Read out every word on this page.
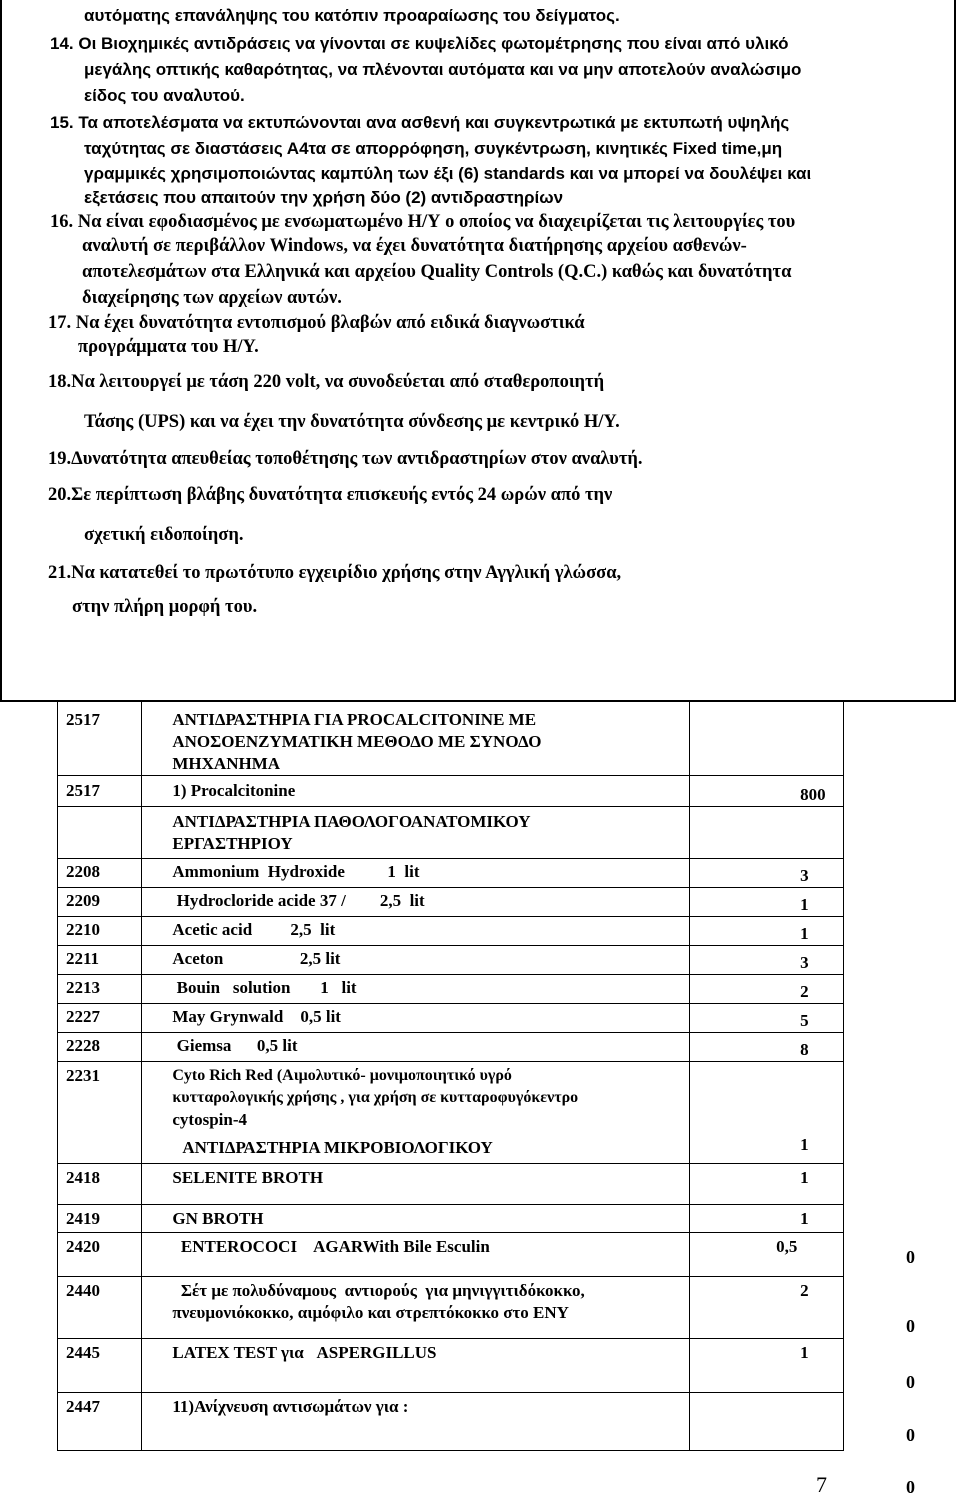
αυτόματης επανάληψης του κατόπιν προαραίωσης του δείγματος.
14. Οι Βιοχημικές αντιδράσεις να γίνονται σε κυψελίδες φωτομέτρησης που είναι από υλικό
μεγάλης οπτικής καθαρότητας, να πλένονται αυτόματα και να μην αποτελούν αναλώσιμο
είδος του αναλυτού.
15. Τα αποτελέσματα να εκτυπώνονται ανα ασθενή και συγκεντρωτικά με εκτυπωτή υψηλής
ταχύτητας σε διαστάσεις Α4τα σε απορρόφηση, συγκέντρωση, κινητικές Fixed time,μη
γραμμικές χρησιμοποιώντας καμπύλη των έξι (6) standards και να μπορεί να δουλέψει και
εξετάσεις που απαιτούν την χρήση δύο (2) αντιδραστηρίων
16. Να είναι εφοδιασμένος με ενσωματωμένο Η/Υ ο οποίος να διαχειρίζεται τις λειτουργίες του
αναλυτή σε περιβάλλον Windows, να έχει δυνατότητα διατήρησης αρχείου ασθενών-
αποτελεσμάτων στα Ελληνικά και αρχείου Quality Controls (Q.C.) καθώς και δυνατότητα
διαχείρησης των αρχείων αυτών.
17. Να έχει δυνατότητα εντοπισμού βλαβών από ειδικά διαγνωστικά
προγράμματα του Η/Υ.
18.Να λειτουργεί με τάση 220 volt, να συνοδεύεται από σταθεροποιητή
Τάσης (UPS) και να έχει την δυνατότητα σύνδεσης με κεντρικό Η/Υ.
19.Δυνατότητα απευθείας τοποθέτησης των αντιδραστηρίων στον αναλυτή.
20.Σε περίπτωση βλάβης δυνατότητα επισκευής εντός 24 ωρών από την
σχετική ειδοποίηση.
21.Να κατατεθεί το πρωτότυπο εγχειρίδιο χρήσης στην Αγγλική γλώσσα,
στην πλήρη μορφή του.
2517	ΑΝΤΙΔΡΑΣΤΗΡΙΑ ΓΙΑ PROCALCITONINE ME
ΑΝΟΣΟΕΝΖΥΜΑΤΙΚΗ ΜΕΘΟΔΟ ΜΕ ΣΥΝΟΔΟ
ΜΗΧΑΝΗΜΑ	

2517	1) Procalcitonine	800

	ΑΝΤΙΔΡΑΣΤΗΡΙΑ ΠΑΘΟΛΟΓΟΑΝΑΤΟΜΙΚΟΥ
ΕΡΓΑΣΤΗΡΙΟΥ	

2208	Ammonium  Hydroxide          1  lit	3

2209	Hydrocloride acide 37 /        2,5  lit	1

2210	Acetic acid         2,5  lit	1

2211	Aceton                  2,5 lit	3

2213	Bouin   solution       1   lit	2

2227	May Grynwald    0,5 lit	5

2228	Giemsa      0,5 lit	8

2231	Cyto Rich Red (Αιμολυτικό- μονιμοποιητικό υγρό
κυτταρολογικής χρήσης , για χρήση σε κυτταροφυγόκεντρο
cytospin-4
ΑΝΤΙΔΡΑΣΤΗΡΙΑ ΜΙΚΡΟΒΙΟΛΟΓΙΚΟΥ	1

2418	SELENITE BROTH	1

2419	GN BROTH	1

2420	ENTEROCOCI    AGARWith Bile Esculin	0,5

2440	Σέτ με πολυδύναμους  αντιορούς  για μηνιγγιτιδόκοκκο,
πνευμονιόκοκκο, αιμόφιλο και στρεπτόκοκκο στο ΕΝΥ	2

2445	LATEX TEST για   ASPERGILLUS	1

2447	11)Ανίχνευση αντισωμάτων για :	

0
0
0
0
0
7
